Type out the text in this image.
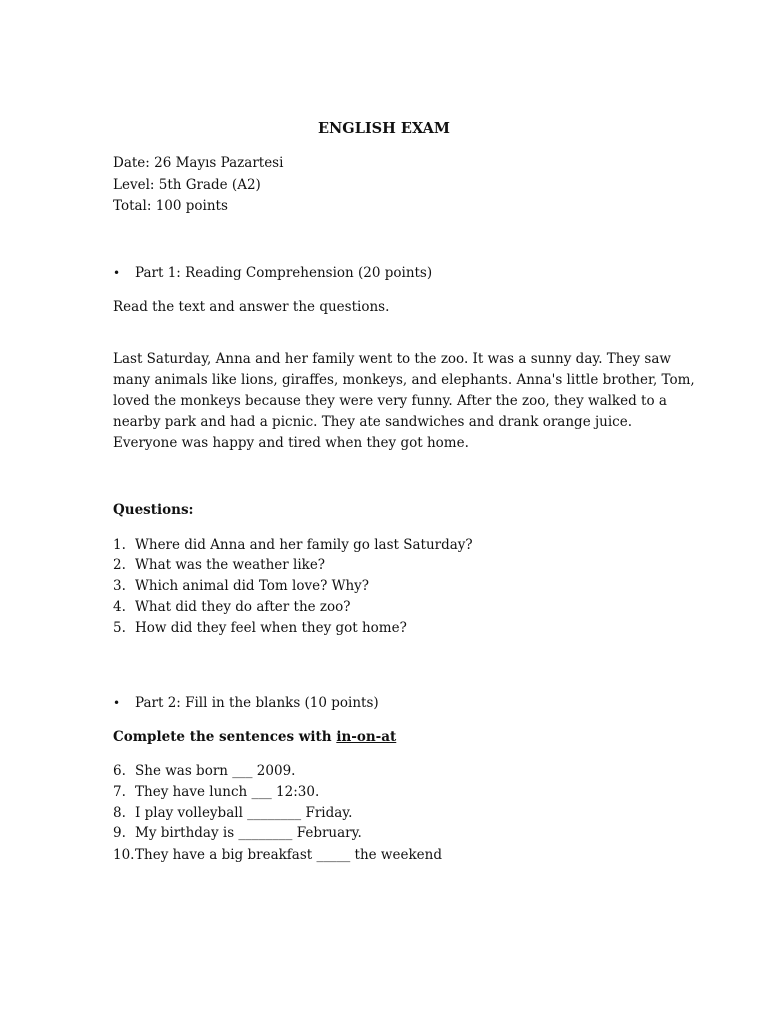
ENGLISH EXAM
Date: 26 Mayıs Pazartesi
Level: 5th Grade (A2)
Total: 100 points
•	Part 1: Reading Comprehension (20 points)
Read the text and answer the questions.
Last Saturday, Anna and her family went to the zoo. It was a sunny day. They saw
many animals like lions, giraffes, monkeys, and elephants. Anna's little brother, Tom,
loved the monkeys because they were very funny. After the zoo, they walked to a
nearby park and had a picnic. They ate sandwiches and drank orange juice.
Everyone was happy and tired when they got home.
Questions:
1. Where did Anna and her family go last Saturday?
2. What was the weather like?
3. Which animal did Tom love? Why?
4. What did they do after the zoo?
5. How did they feel when they got home?
•	Part 2: Fill in the blanks (10 points)
Complete the sentences with in-on-at
6. She was born ___ 2009.
7. They have lunch ___ 12:30.
8. I play volleyball ________ Friday.
9. My birthday is ________ February.
10. They have a big breakfast _____ the weekend
